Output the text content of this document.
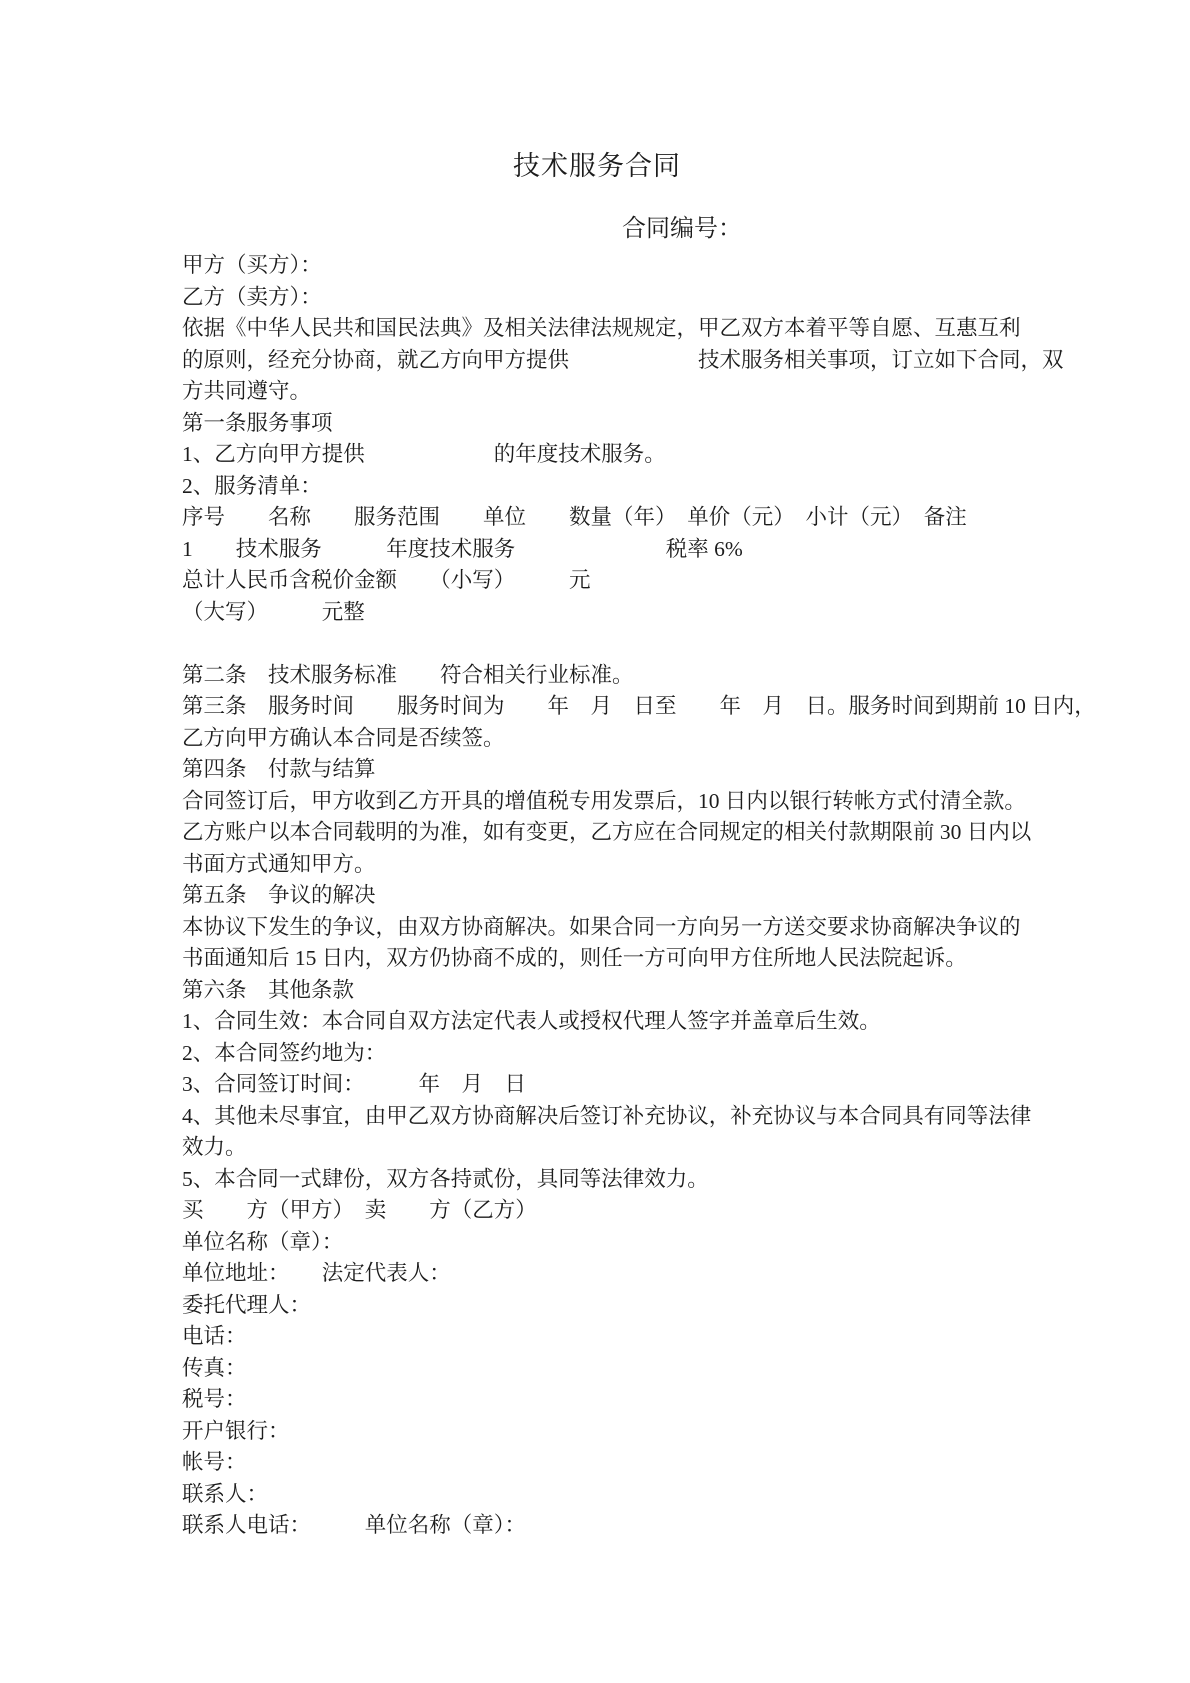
技术服务合同
合同编号：
甲方（买方）：
乙方（卖方）：
依据《中华人民共和国民法典》及相关法律法规规定，甲乙双方本着平等自愿、互惠互利
的原则，经充分协商，就乙方向甲方提供　　　　　　技术服务相关事项，订立如下合同，双
方共同遵守。
第一条服务事项
1、乙方向甲方提供　　　　　　的年度技术服务。
2、服务清单：
序号　　名称　　服务范围　　单位　　数量（年）　单价（元）　小计（元）　备注
1　　技术服务　　　年度技术服务　　　　　　　税率 6%
总计人民币含税价金额　　（小写）　　　元
（大写）　　　元整
第二条　技术服务标准　　符合相关行业标准。
第三条　服务时间　　服务时间为　　年　月　日至　　年　月　日。服务时间到期前 10 日内，
乙方向甲方确认本合同是否续签。
第四条　付款与结算
合同签订后，甲方收到乙方开具的增值税专用发票后，10 日内以银行转帐方式付清全款。
乙方账户以本合同载明的为准，如有变更，乙方应在合同规定的相关付款期限前 30 日内以
书面方式通知甲方。
第五条　争议的解决
本协议下发生的争议，由双方协商解决。如果合同一方向另一方送交要求协商解决争议的
书面通知后 15 日内，双方仍协商不成的，则任一方可向甲方住所地人民法院起诉。
第六条　其他条款
1、合同生效：本合同自双方法定代表人或授权代理人签字并盖章后生效。
2、本合同签约地为：
3、合同签订时间：　　　年　月　日
4、其他未尽事宜，由甲乙双方协商解决后签订补充协议，补充协议与本合同具有同等法律
效力。
5、本合同一式肆份，双方各持贰份，具同等法律效力。
买　　方（甲方）　卖　　方（乙方）
单位名称（章）：
单位地址：　　法定代表人：
委托代理人：
电话：
传真：
税号：
开户银行：
帐号：
联系人：
联系人电话：　　　单位名称（章）：
